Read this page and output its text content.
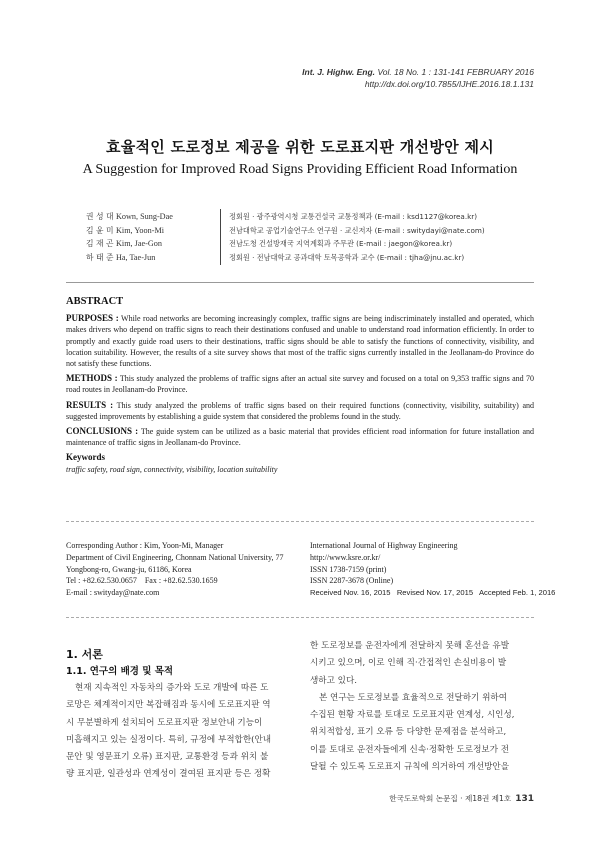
Int. J. Highw. Eng. Vol. 18 No. 1 : 131-141 FEBRUARY 2016
http://dx.doi.org/10.7855/IJHE.2016.18.1.131
효율적인 도로정보 제공을 위한 도로표지판 개선방안 제시
A Suggestion for Improved Road Signs Providing Efficient Road Information
권 성 대 Kown, Sung-Dae	정회원 · 광주광역시청 교통건설국 교통정책과 (E-mail : ksd1127@korea.kr)
김 윤 미 Kim, Yoon-Mi	전남대학교 공업기술연구소 연구원 · 교신저자 (E-mail : switydayi@nate.com)
김 재 곤 Kim, Jae-Gon	전남도청 건설방재국 지역계획과 주무관 (E-mail : jaegon@korea.kr)
하 태 준 Ha, Tae-Jun	정회원 · 전남대학교 공과대학 토목공학과 교수 (E-mail : tjha@jnu.ac.kr)
ABSTRACT

PURPOSES : While road networks are becoming increasingly complex, traffic signs are being indiscriminately installed and operated, which makes drivers who depend on traffic signs to reach their destinations confused and unable to understand road information efficiently. In order to promptly and exactly guide road users to their destinations, traffic signs should be able to satisfy the functions of connectivity, visibility, and location suitability. However, the results of a site survey shows that most of the traffic signs currently installed in the Jeollanam-do Province do not satisfy these functions.

METHODS : This study analyzed the problems of traffic signs after an actual site survey and focused on a total on 9,353 traffic signs and 70 road routes in Jeollanam-do Province.

RESULTS : This study analyzed the problems of traffic signs based on their required functions (connectivity, visibility, suitability) and suggested improvements by establishing a guide system that considered the problems found in the study.

CONCLUSIONS : The guide system can be utilized as a basic material that provides efficient road information for future installation and maintenance of traffic signs in Jeollanam-do Province.

Keywords
traffic safety, road sign, connectivity, visibility, location suitability
Corresponding Author : Kim, Yoon-Mi, Manager
Department of Civil Engineering, Chonnam National University, 77
Yongbong-ro, Gwang-ju, 61186, Korea
Tel : +82.62.530.0657    Fax : +82.62.530.1659
E-mail : swityday@nate.com
International Journal of Highway Engineering
http://www.ksre.or.kr/
ISSN 1738-7159 (print)
ISSN 2287-3678 (Online)
Received Nov. 16, 2015   Revised Nov. 17, 2015   Accepted Feb. 1, 2016
1. 서론
1.1. 연구의 배경 및 목적
현재 지속적인 자동차의 증가와 도로 개발에 따른 도
로망은 체계적이지만 복잡해짐과 동시에 도로표지판 역
시 무분별하게 설치되어 도로표지판 정보안내 기능이
미흡해지고 있는 실정이다. 특히, 규정에 부적합한(안내
문안 및 영문표기 오류) 표지판, 교통환경 등과 위치 불
량 표지판, 일관성과 연계성이 결여된 표지판 등은 정확
한 도로정보를 운전자에게 전달하지 못해 혼선을 유발
시키고 있으며, 이로 인해 직·간접적인 손실비용이 발
생하고 있다.
본 연구는 도로정보를 효율적으로 전달하기 위하여
수집된 현황 자료를 토대로 도로표지판 연계성, 시인성,
위치적합성, 표기 오류 등 다양한 문제점을 분석하고,
이를 토대로 운전자들에게 신속·정확한 도로정보가 전
달될 수 있도록 도로표지 규칙에 의거하여 개선방안을
한국도로학회 논문집 · 제18권 제1호 131
